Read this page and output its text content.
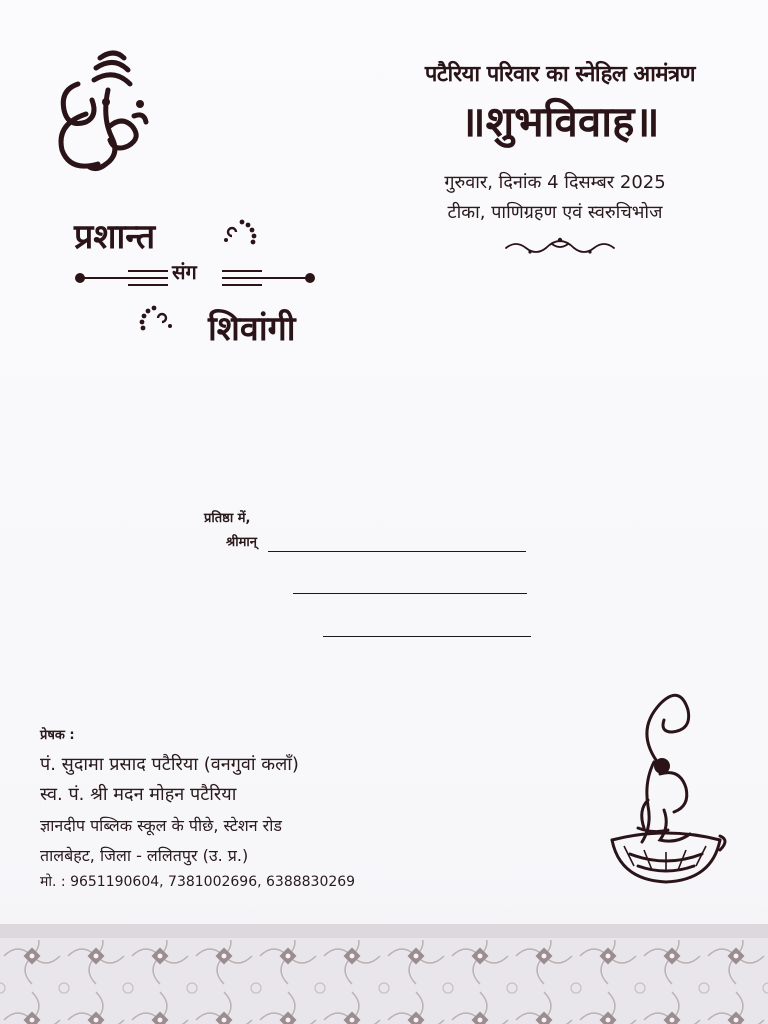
पटैरिया परिवार का स्नेहिल आमंत्रण
॥शुभविवाह॥
गुरुवार, दिनांक 4 दिसम्बर 2025
टीका, पाणिग्रहण एवं स्वरुचिभोज
प्रशान्त
संग
शिवांगी
प्रतिष्ठा में,
श्रीमान्
प्रेषक :
पं. सुदामा प्रसाद पटैरिया (वनगुवां कलाँ)
स्व. पं. श्री मदन मोहन पटैरिया
ज्ञानदीप पब्लिक स्कूल के पीछे, स्टेशन रोड
तालबेहट, जिला - ललितपुर (उ. प्र.)
मो. : 9651190604, 7381002696, 6388830269
